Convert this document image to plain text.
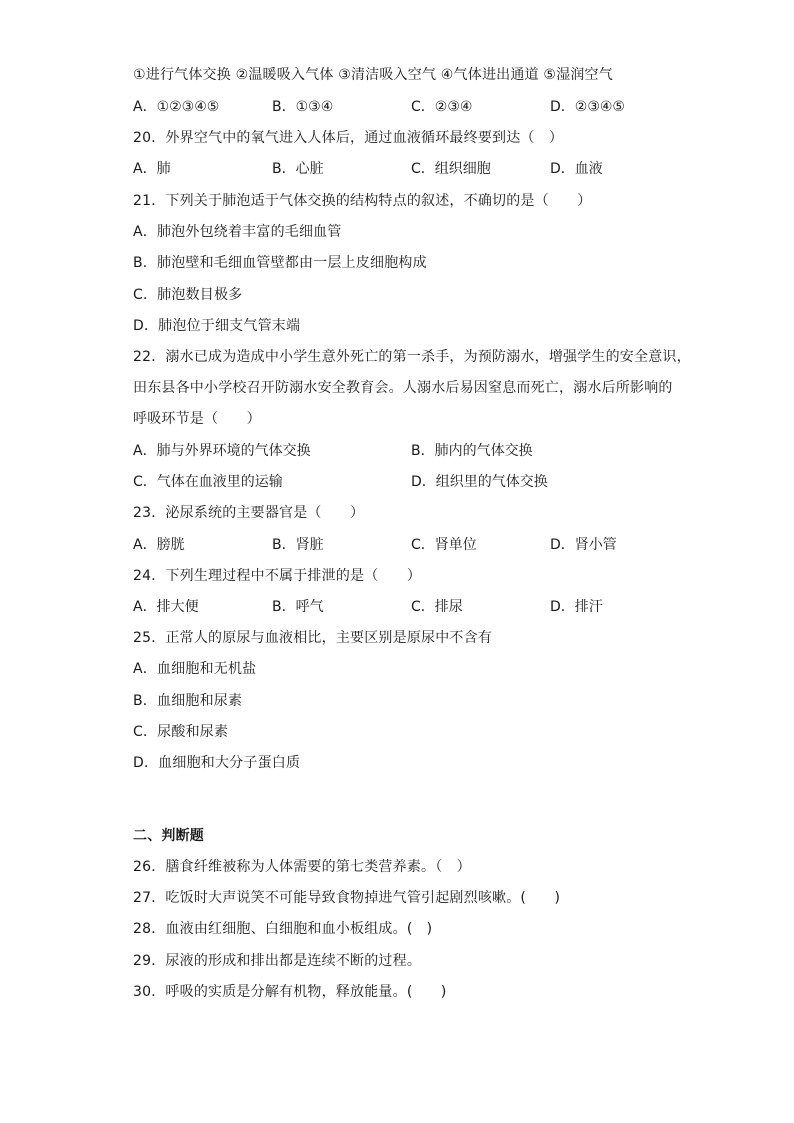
①进行气体交换 ②温暖吸入气体 ③清洁吸入空气 ④气体进出通道 ⑤湿润空气
A．①②③④⑤	B．①③④	C．②③④	D．②③④⑤
20．外界空气中的氧气进入人体后，通过血液循环最终要到达（　）
A．肺	B．心脏	C．组织细胞	D．血液
21．下列关于肺泡适于气体交换的结构特点的叙述，不确切的是（　　）
A．肺泡外包绕着丰富的毛细血管
B．肺泡壁和毛细血管壁都由一层上皮细胞构成
C．肺泡数目极多
D．肺泡位于细支气管末端
22．溺水已成为造成中小学生意外死亡的第一杀手，为预防溺水，增强学生的安全意识，
田东县各中小学校召开防溺水安全教育会。人溺水后易因窒息而死亡，溺水后所影响的
呼吸环节是（　　）
A．肺与外界环境的气体交换	B．肺内的气体交换
C．气体在血液里的运输	D．组织里的气体交换
23．泌尿系统的主要器官是（　　）
A．膀胱	B．肾脏	C．肾单位	D．肾小管
24．下列生理过程中不属于排泄的是（　　）
A．排大便	B．呼气	C．排尿	D．排汗
25．正常人的原尿与血液相比，主要区别是原尿中不含有
A．血细胞和无机盐
B．血细胞和尿素
C．尿酸和尿素
D．血细胞和大分子蛋白质
二、判断题
26．膳食纤维被称为人体需要的第七类营养素。（　）
27．吃饭时大声说笑不可能导致食物掉进气管引起剧烈咳嗽。(　　)
28．血液由红细胞、白细胞和血小板组成。(　)
29．尿液的形成和排出都是连续不断的过程。
30．呼吸的实质是分解有机物，释放能量。(　　)
